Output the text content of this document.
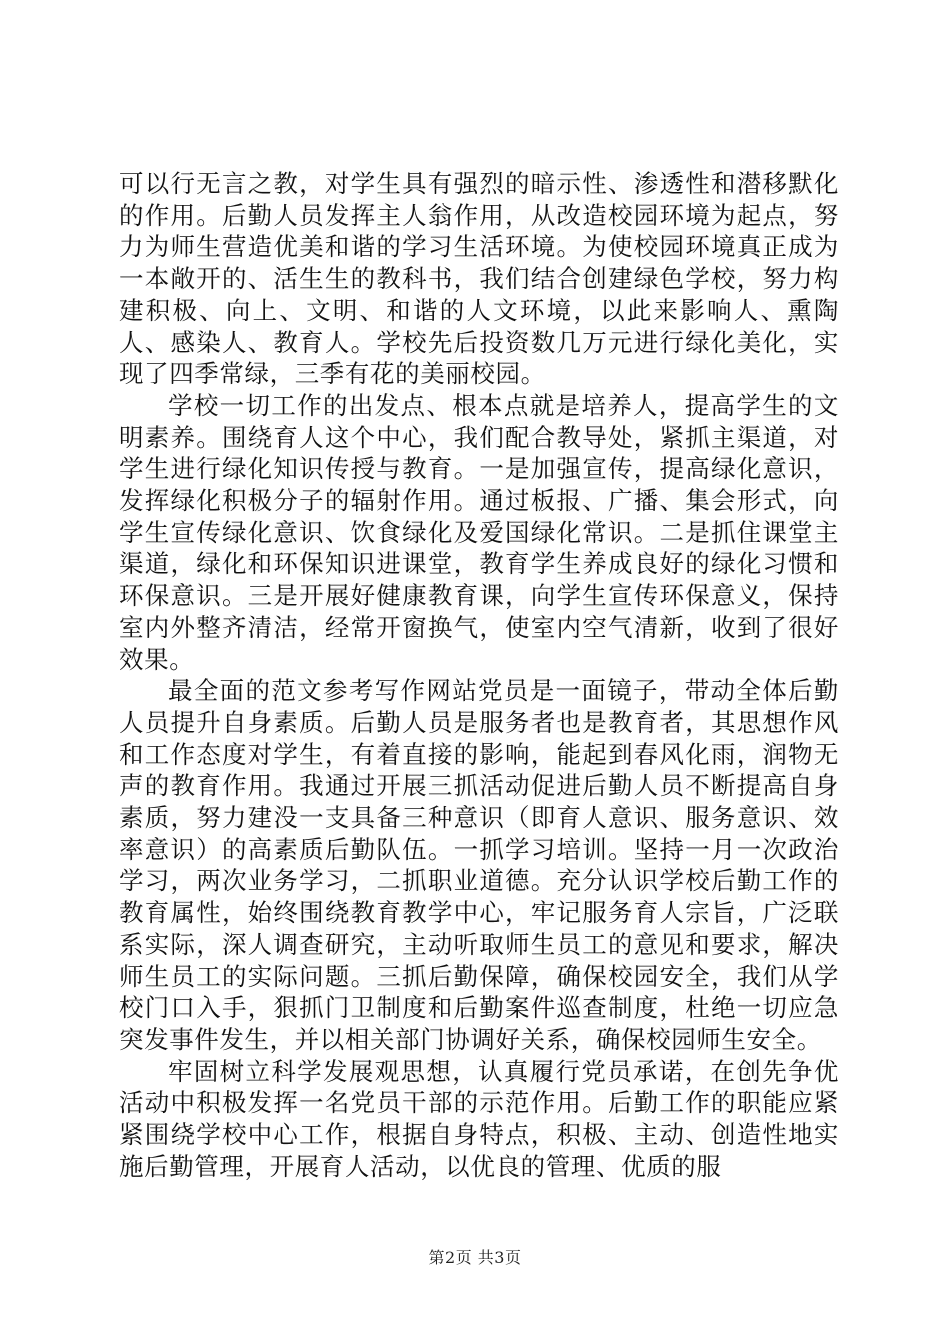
可以行无言之教，对学生具有强烈的暗示性、渗透性和潜移默化的作用。后勤人员发挥主人翁作用，从改造校园环境为起点，努力为师生营造优美和谐的学习生活环境。为使校园环境真正成为一本敞开的、活生生的教科书，我们结合创建绿色学校，努力构建积极、向上、文明、和谐的人文环境，以此来影响人、熏陶人、感染人、教育人。学校先后投资数几万元进行绿化美化，实现了四季常绿，三季有花的美丽校园。

学校一切工作的出发点、根本点就是培养人，提高学生的文明素养。围绕育人这个中心，我们配合教导处，紧抓主渠道，对学生进行绿化知识传授与教育。一是加强宣传，提高绿化意识，发挥绿化积极分子的辐射作用。通过板报、广播、集会形式，向学生宣传绿化意识、饮食绿化及爱国绿化常识。二是抓住课堂主渠道，绿化和环保知识进课堂，教育学生养成良好的绿化习惯和环保意识。三是开展好健康教育课，向学生宣传环保意义，保持室内外整齐清洁，经常开窗换气，使室内空气清新，收到了很好效果。

最全面的范文参考写作网站党员是一面镜子，带动全体后勤人员提升自身素质。后勤人员是服务者也是教育者，其思想作风和工作态度对学生，有着直接的影响，能起到春风化雨，润物无声的教育作用。我通过开展三抓活动促进后勤人员不断提高自身素质，努力建没一支具备三种意识（即育人意识、服务意识、效率意识）的高素质后勤队伍。一抓学习培训。坚持一月一次政治学习，两次业务学习，二抓职业道德。充分认识学校后勤工作的教育属性，始终围绕教育教学中心，牢记服务育人宗旨，广泛联系实际，深人调查研究，主动听取师生员工的意见和要求，解决师生员工的实际问题。三抓后勤保障，确保校园安全，我们从学校门口入手，狠抓门卫制度和后勤案件巡查制度，杜绝一切应急突发事件发生，并以相关部门协调好关系，确保校园师生安全。

牢固树立科学发展观思想，认真履行党员承诺，在创先争优活动中积极发挥一名党员干部的示范作用。后勤工作的职能应紧紧围绕学校中心工作，根据自身特点，积极、主动、创造性地实施后勤管理，开展育人活动，以优良的管理、优质的服

第2页 共3页
